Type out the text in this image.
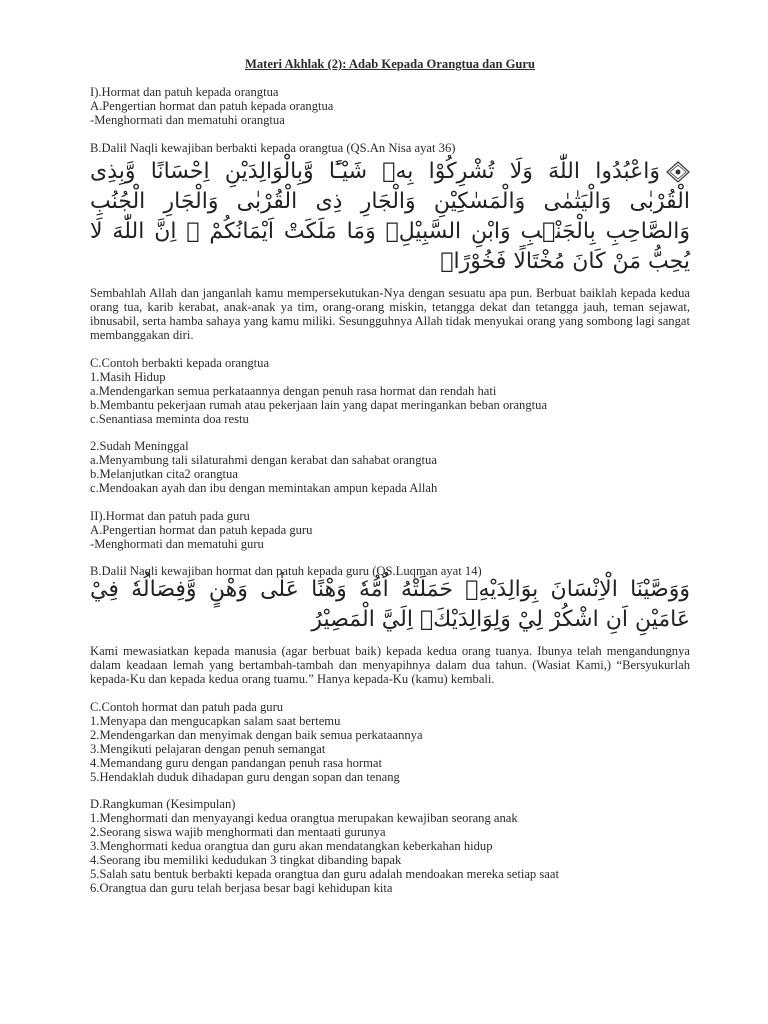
Materi Akhlak (2): Adab Kepada Orangtua dan Guru
I).Hormat dan patuh kepada orangtua
A.Pengertian hormat dan patuh kepada orangtua
-Menghormati dan mematuhi orangtua
B.Dalil Naqli kewajiban berbakti kepada orangtua (QS.An Nisa ayat 36)
وَاعْبُدُوا اللّٰهَ وَلَا تُشْرِكُوْا بِهٖ شَيْـًٔا وَّبِالْوَالِدَيْنِ اِحْسَانًا وَّبِذِى الْقُرْبٰى وَالْيَتٰمٰى وَالْمَسٰكِيْنِ وَالْجَارِ ذِى الْقُرْبٰى وَالْجَارِ الْجُنُبِ وَالصَّاحِبِ بِالْجَنْۢبِ وَابْنِ السَّبِيْلِۙ وَمَا مَلَكَتْ اَيْمَانُكُمْ ۗ اِنَّ اللّٰهَ لَا يُحِبُّ مَنْ كَانَ مُخْتَالًا فَخُوْرًاۙ

Sembahlah Allah dan janganlah kamu mempersekutukan-Nya dengan sesuatu apa pun. Berbuat baiklah kepada kedua orang tua, karib kerabat, anak-anak ya tim, orang-orang miskin, tetangga dekat dan tetangga jauh, teman sejawat, ibnusabil, serta hamba sahaya yang kamu miliki. Sesungguhnya Allah tidak menyukai orang yang sombong lagi sangat membanggakan diri.

C.Contoh berbakti kepada orangtua
1.Masih Hidup
a.Mendengarkan semua perkataannya dengan penuh rasa hormat dan rendah hati
b.Membantu pekerjaan rumah atau pekerjaan lain yang dapat meringankan beban orangtua
c.Senantiasa meminta doa restu
2.Sudah Meninggal
a.Menyambung tali silaturahmi dengan kerabat dan sahabat orangtua
b.Melanjutkan cita2 orangtua
c.Mendoakan ayah dan ibu dengan memintakan ampun kepada Allah
II).Hormat dan patuh pada guru
A.Pengertian hormat dan patuh kepada guru
-Menghormati dan mematuhi guru
B.Dalil Naqli kewajiban hormat dan patuh kepada guru (QS.Luqman ayat 14)
وَوَصَّيْنَا الْاِنْسَانَ بِوَالِدَيْهِۚ حَمَلَتْهُ اُمُّهٗ وَهْنًا عَلٰى وَهْنٍ وَّفِصَالُهٗ فِيْ عَامَيْنِ اَنِ اشْكُرْ لِيْ وَلِوَالِدَيْكَۗ اِلَيَّ الْمَصِيْرُ

Kami mewasiatkan kepada manusia (agar berbuat baik) kepada kedua orang tuanya. Ibunya telah mengandungnya dalam keadaan lemah yang bertambah-tambah dan menyapihnya dalam dua tahun. (Wasiat Kami,) “Bersyukurlah kepada-Ku dan kepada kedua orang tuamu.” Hanya kepada-Ku (kamu) kembali.

C.Contoh hormat dan patuh pada guru
1.Menyapa dan mengucapkan salam saat bertemu
2.Mendengarkan dan menyimak dengan baik semua perkataannya
3.Mengikuti pelajaran dengan penuh semangat
4.Memandang guru dengan pandangan penuh rasa hormat
5.Hendaklah duduk dihadapan guru dengan sopan dan tenang
D.Rangkuman (Kesimpulan)
1.Menghormati dan menyayangi kedua orangtua merupakan kewajiban seorang anak
2.Seorang siswa wajib menghormati dan mentaati gurunya
3.Menghormati kedua orangtua dan guru akan mendatangkan keberkahan hidup
4.Seorang ibu memiliki kedudukan 3 tingkat dibanding bapak
5.Salah satu bentuk berbakti kepada orangtua dan guru adalah mendoakan mereka setiap saat
6.Orangtua dan guru telah berjasa besar bagi kehidupan kita
